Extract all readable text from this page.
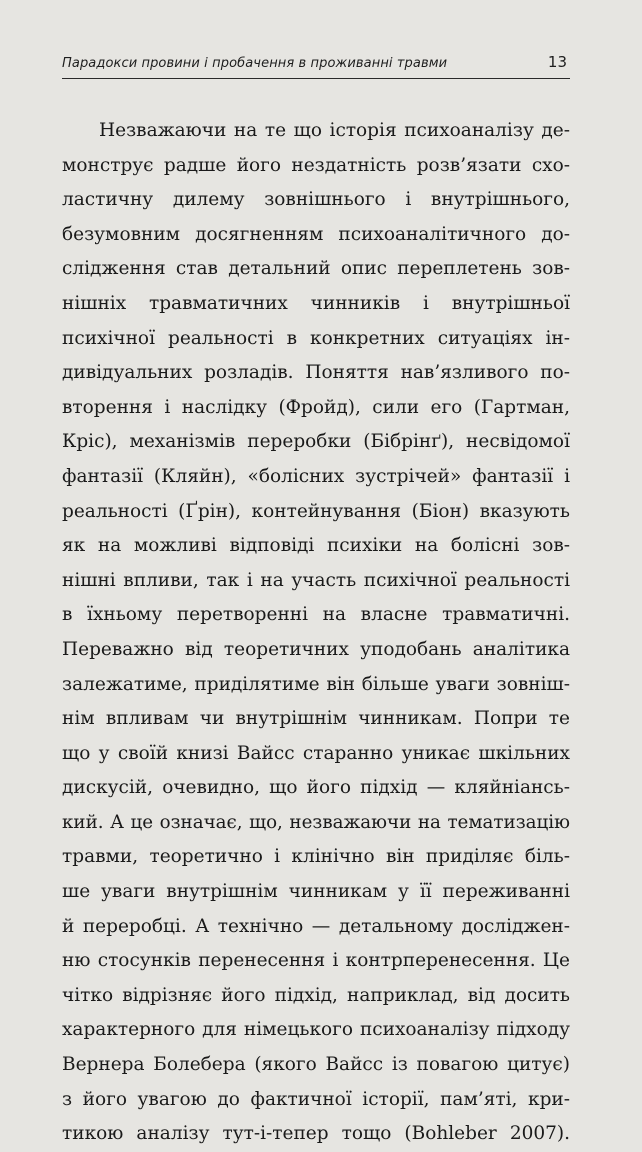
Парадокси провини і пробачення в проживанні травми	13
Незважаючи на те що історія психоаналізу де-
монструє радше його нездатність розв’язати схо-
ластичну дилему зовнішнього і внутрішнього,
безумовним досягненням психоаналітичного до-
слідження став детальний опис переплетень зов-
нішніх травматичних чинників і внутрішньої
психічної реальності в конкретних ситуаціях ін-
дивідуальних розладів. Поняття нав’язливого по-
вторення і наслідку (Фройд), сили его (Гартман,
Кріс), механізмів переробки (Бібрінґ), несвідомої
фантазії (Кляйн), «болісних зустрічей» фантазії і
реальності (Ґрін), контейнування (Біон) вказують
як на можливі відповіді психіки на болісні зов-
нішні впливи, так і на участь психічної реальності
в їхньому перетворенні на власне травматичні.
Переважно від теоретичних уподобань аналітика
залежатиме, приділятиме він більше уваги зовніш-
нім впливам чи внутрішнім чинникам. Попри те
що у своїй книзі Вайсс старанно уникає шкільних
дискусій, очевидно, що його підхід — кляйніансь-
кий. А це означає, що, незважаючи на тематизацію
травми, теоретично і клінічно він приділяє біль-
ше уваги внутрішнім чинникам у її переживанні
й переробці. А технічно — детальному досліджен-
ню стосунків перенесення і контрперенесення. Це
чітко відрізняє його підхід, наприклад, від досить
характерного для німецького психоаналізу підходу
Вернера Болебера (якого Вайсс із повагою цитує)
з його увагою до фактичної історії, пам’яті, кри-
тикою аналізу тут-і-тепер тощо (Bohleber 2007).
